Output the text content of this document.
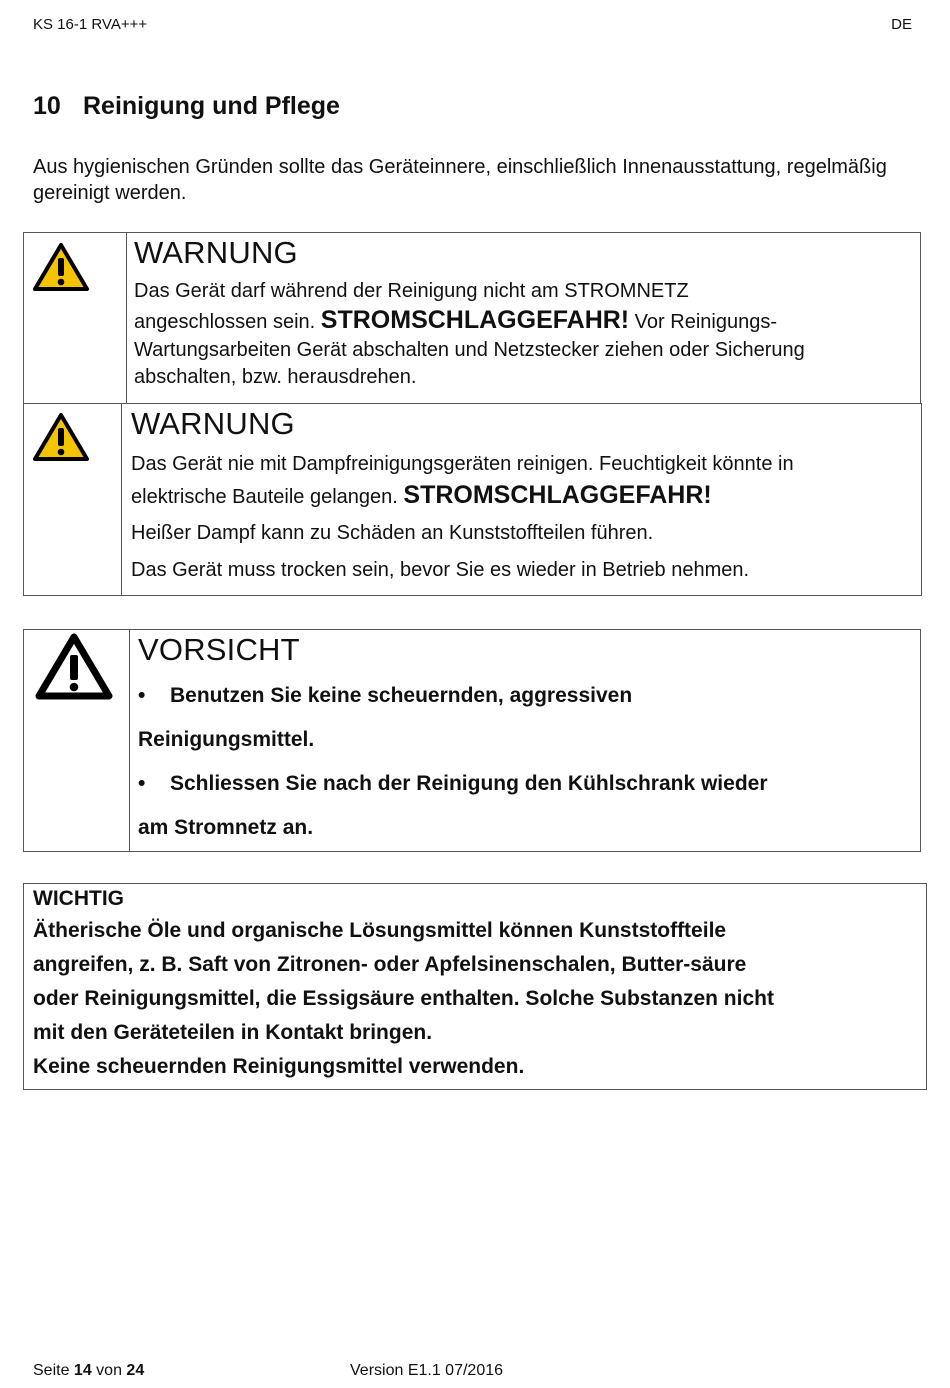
KS 16-1 RVA+++	DE
10 Reinigung und Pflege

Aus hygienischen Gründen sollte das Geräteinnere, einschließlich Innenausstattung, regelmäßig gereinigt werden.

WARNUNG

Das Gerät darf während der Reinigung nicht am STROMNETZ

angeschlossen sein. STROMSCHLAGGEFAHR! Vor Reinigungs-

Wartungsarbeiten Gerät abschalten und Netzstecker ziehen oder Sicherung

abschalten, bzw. herausdrehen.

WARNUNG

Das Gerät nie mit Dampfreinigungsgeräten reinigen. Feuchtigkeit könnte in

elektrische Bauteile gelangen. STROMSCHLAGGEFAHR!

Heißer Dampf kann zu Schäden an Kunststoffteilen führen.

Das Gerät muss trocken sein, bevor Sie es wieder in Betrieb nehmen.

VORSICHT

• Benutzen Sie keine scheuernden, aggressiven

Reinigungsmittel.

• Schliessen Sie nach der Reinigung den Kühlschrank wieder

am Stromnetz an.

WICHTIG

Ätherische Öle und organische Lösungsmittel können Kunststoffteile

angreifen, z. B. Saft von Zitronen- oder Apfelsinenschalen, Butter-säure

oder Reinigungsmittel, die Essigsäure enthalten. Solche Substanzen nicht

mit den Geräteteilen in Kontakt bringen.

Keine scheuernden Reinigungsmittel verwenden.

Seite 14 von 24	Version E1.1 07/2016
